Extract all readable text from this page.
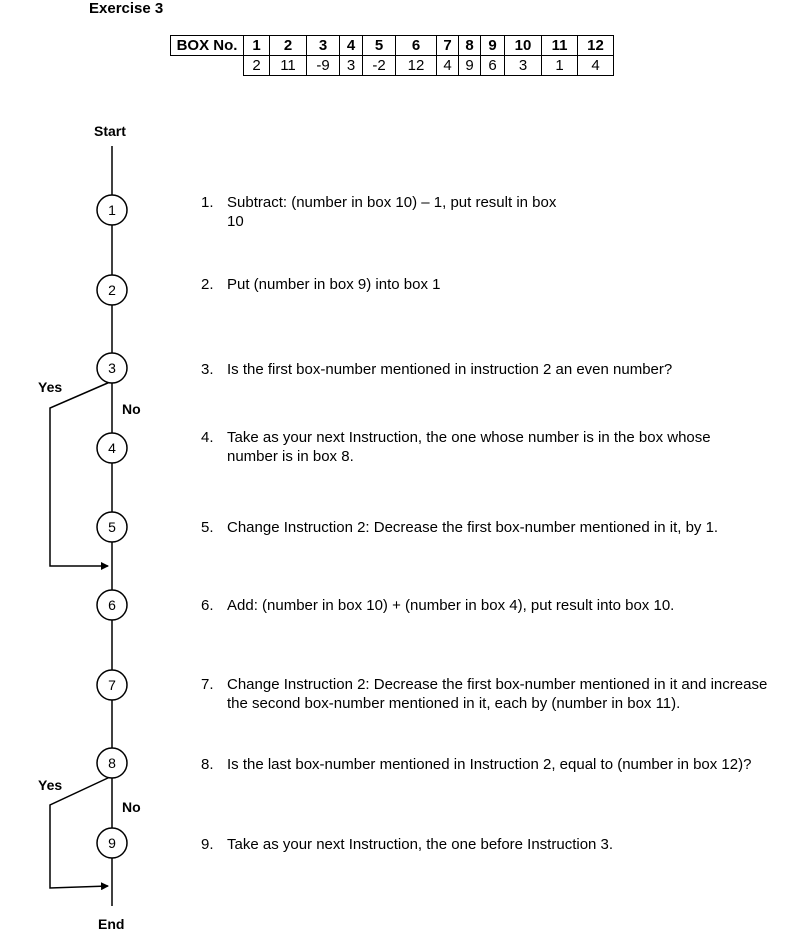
Exercise 3
BOX No.	1	2	3	4	5	6	7	8	9	10	11	12
	2	11	-9	3	-2	12	4	9	6	3	1	4
Start
End
Yes
No
Yes
No
1
2
3
4
5
6
7
8
9
1. Subtract: (number in box 10) – 1, put result in box 10
2. Put (number in box 9) into box 1
3. Is the first box-number mentioned in instruction 2 an even number?
4. Take as your next Instruction, the one whose number is in the box whose number is in box 8.
5. Change Instruction 2: Decrease the first box-number mentioned in it, by 1.
6. Add: (number in box 10) + (number in box 4), put result into box 10.
7. Change Instruction 2: Decrease the first box-number mentioned in it and increase the second box-number mentioned in it, each by (number in box 11).
8. Is the last box-number mentioned in Instruction 2, equal to (number in box 12)?
9. Take as your next Instruction, the one before Instruction 3.
